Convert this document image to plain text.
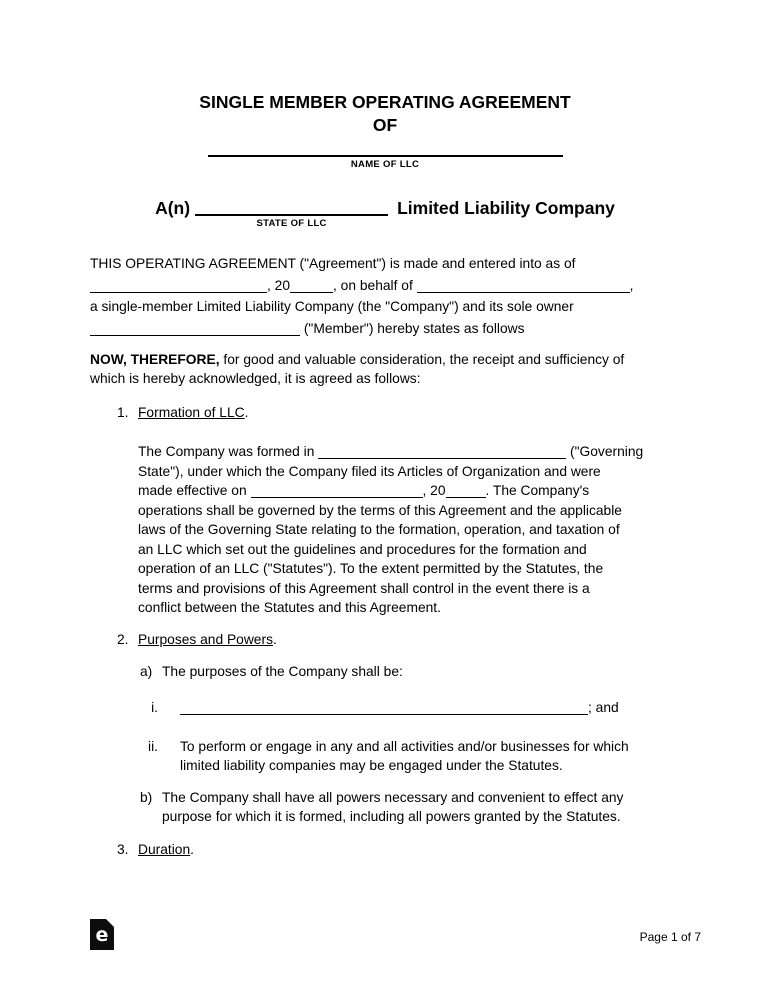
SINGLE MEMBER OPERATING AGREEMENT
OF
NAME OF LLC
A(n)
STATE OF LLC
Limited Liability Company
THIS OPERATING AGREEMENT ("Agreement") is made and entered into as of
, 20	, on behalf of	,
a single-member Limited Liability Company (the "Company") and its sole owner
("Member") hereby states as follows
NOW, THEREFORE, for good and valuable consideration, the receipt and sufficiency of
which is hereby acknowledged, it is agreed as follows:
1. Formation of LLC.
The Company was formed in	("Governing
State"), under which the Company filed its Articles of Organization and were
made effective on	, 20	. The Company's
operations shall be governed by the terms of this Agreement and the applicable
laws of the Governing State relating to the formation, operation, and taxation of
an LLC which set out the guidelines and procedures for the formation and
operation of an LLC ("Statutes"). To the extent permitted by the Statutes, the
terms and provisions of this Agreement shall control in the event there is a
conflict between the Statutes and this Agreement.
2. Purposes and Powers.
a) The purposes of the Company shall be:
i.	; and
ii. To perform or engage in any and all activities and/or businesses for which
limited liability companies may be engaged under the Statutes.
b) The Company shall have all powers necessary and convenient to effect any
purpose for which it is formed, including all powers granted by the Statutes.
3. Duration.
e	Page 1 of 7
